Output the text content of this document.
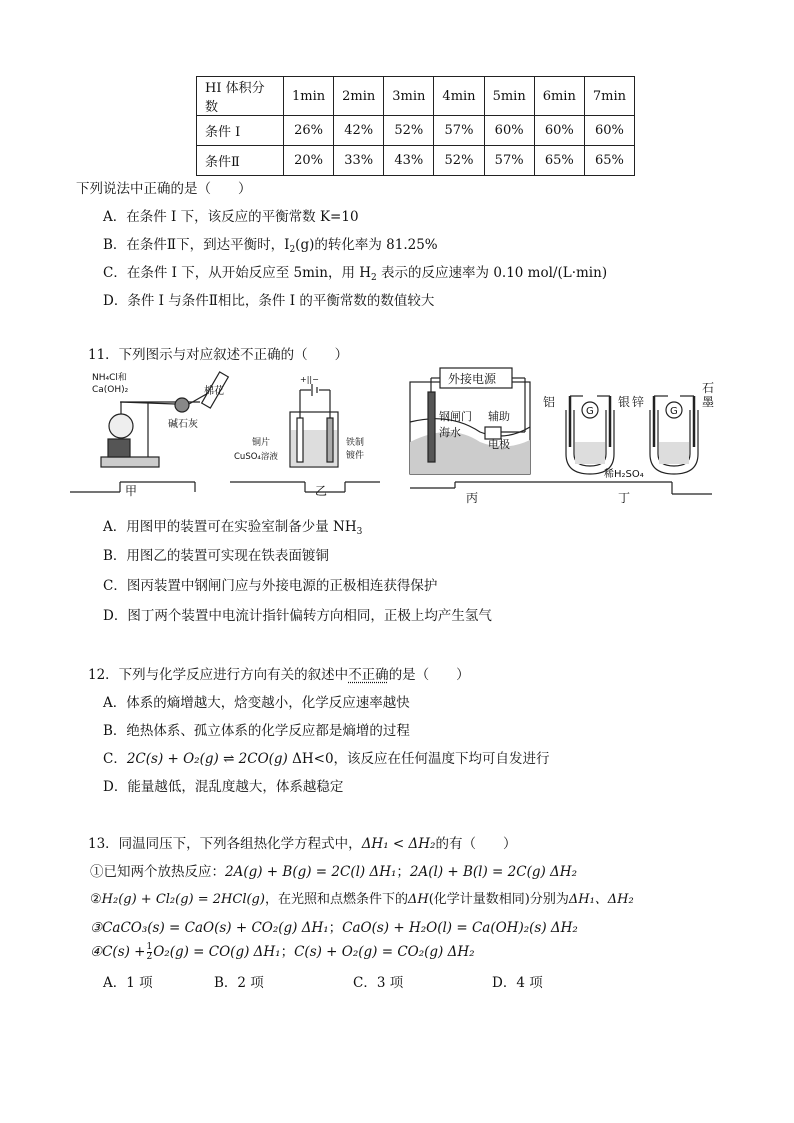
HI 体积分数	1min	2min	3min	4min	5min	6min	7min
条件 I	26%	42%	52%	57%	60%	60%	60%
条件Ⅱ	20%	33%	43%	52%	57%	65%	65%
下列说法中正确的是（　　）
A．在条件 I 下，该反应的平衡常数 K=10
B．在条件Ⅱ下，到达平衡时，$I_2(g)$的转化率为 81.25%
C．在条件 I 下，从开始反应至 5min，用 $H_2$ 表示的反应速率为 0.10 mol/(L·min)
D．条件 I 与条件Ⅱ相比，条件 I 的平衡常数的数值较大
11．下列图示与对应叙述不正确的（　　）
NH₄Cl和
Ca(OH)₂	棉花
碱石灰
甲
+||−
铜片
CuSO₄溶液
铁制
镀件
乙
外接电源
钢闸门
海水
辅助
电极
丙
G	G
铝	银 锌
石
墨
稀H₂SO₄
丁
A．用图甲的装置可在实验室制备少量 $NH_3$
B．用图乙的装置可实现在铁表面镀铜
C．图丙装置中钢闸门应与外接电源的正极相连获得保护
D．图丁两个装置中电流计指针偏转方向相同，正极上均产生氢气
12．下列与化学反应进行方向有关的叙述中不正确的是（　　）
A．体系的熵增越大，焓变越小，化学反应速率越快
B．绝热体系、孤立体系的化学反应都是熵增的过程
C．2C(s) + O₂(g) ⇌ 2CO(g) ΔH<0，该反应在任何温度下均可自发进行
D．能量越低，混乱度越大，体系越稳定
13．同温同压下，下列各组热化学方程式中，ΔH₁ < ΔH₂的有（　　）
①已知两个放热反应：2A(g) + B(g) = 2C(l) ΔH₁；2A(l) + B(l) = 2C(g) ΔH₂
②H₂(g) + Cl₂(g) = 2HCl(g)，在光照和点燃条件下的ΔH(化学计量数相同)分别为ΔH₁、ΔH₂
③CaCO₃(s) = CaO(s) + CO₂(g) ΔH₁；CaO(s) + H₂O(l) = Ca(OH)₂(s) ΔH₂
④C(s) + $\frac{1}{2} O_2(g) = CO(g)$ ΔH₁；C(s) + O₂(g) = CO₂(g) ΔH₂
A．1 项	B．2 项	C．3 项	D．4 项
